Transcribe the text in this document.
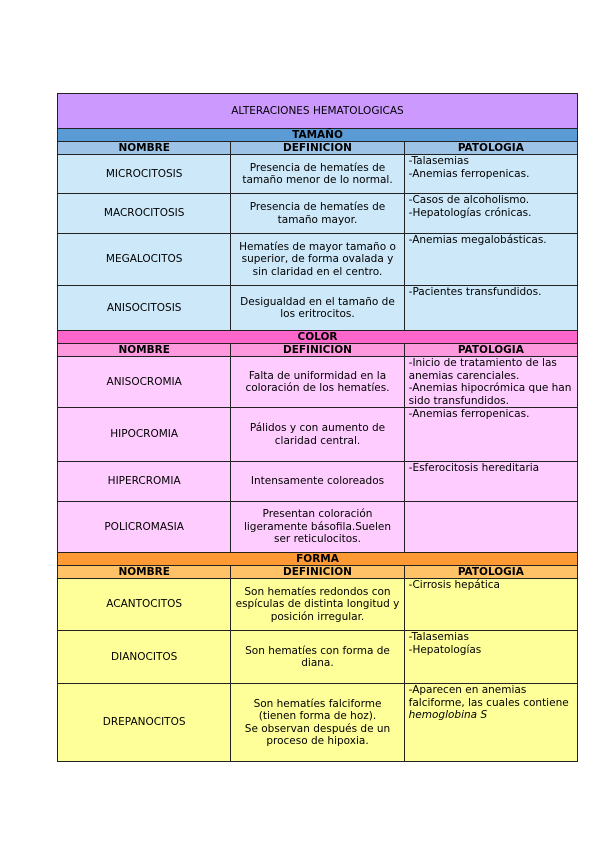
ALTERACIONES HEMATOLOGICAS		
TAMAÑO		
NOMBRE	DEFINICION	PATOLOGIA
MICROCITOSIS	Presencia de hematíes de tamaño menor de lo normal.	-Talasemias
-Anemias ferropenicas.

MACROCITOSIS	Presencia de hematíes de tamaño mayor.	-Casos de alcoholismo.
-Hepatologías crónicas.

MEGALOCITOS	Hematíes de mayor tamaño o superior, de forma ovalada y sin claridad en el centro.	-Anemias megalobásticas.

ANISOCITOSIS	Desigualdad en el tamaño de los eritrocitos.	-Pacientes transfundidos.

COLOR		
NOMBRE	DEFINICION	PATOLOGIA
ANISOCROMIA	Falta de uniformidad en la coloración de los hematíes.	-Inicio de tratamiento de las anemias carenciales.
-Anemias hipocrómica que han sido transfundidos.

HIPOCROMIA	Pálidos y con aumento de claridad central.	-Anemias ferropenicas.

HIPERCROMIA	Intensamente coloreados	-Esferocitosis hereditaria

POLICROMASIA	Presentan coloración ligeramente básofila.Suelen ser reticulocitos.	
FORMA		
NOMBRE	DEFINICION	PATOLOGIA
ACANTOCITOS	Son hematíes redondos con espículas de distinta longitud y posición irregular.	-Cirrosis hepática

DIANOCITOS	Son hematíes con forma de diana.	-Talasemias
-Hepatologías

DREPANOCITOS	Son hematíes falciforme (tienen forma de hoz).
Se observan después de un proceso de hipoxia.	-Aparecen en anemias falciforme, las cuales contiene hemoglobina S
